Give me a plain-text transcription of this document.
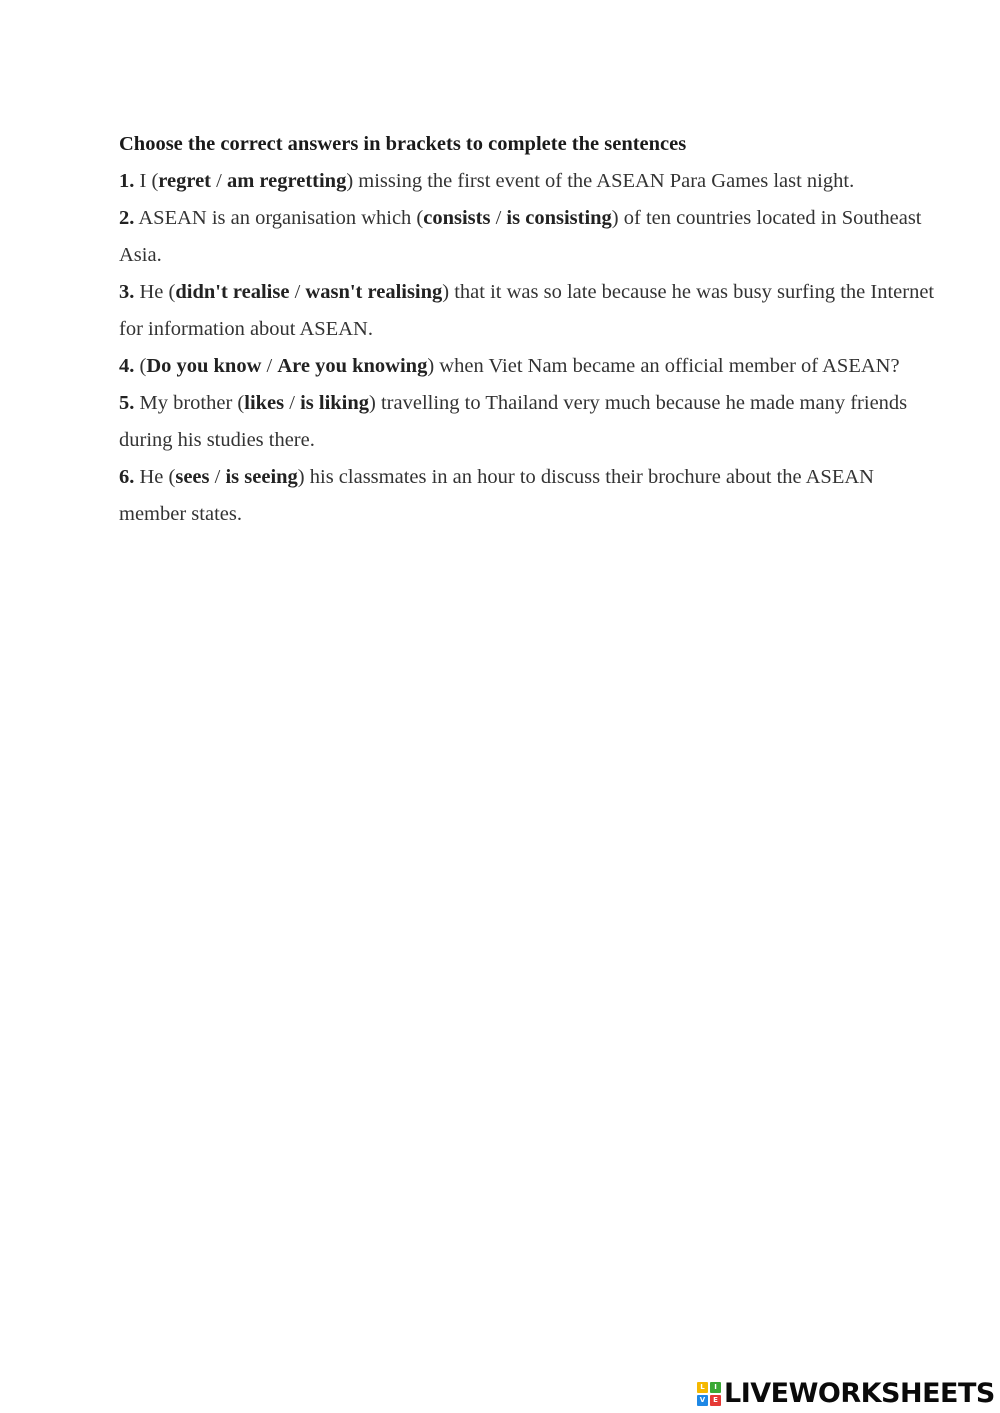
Choose the correct answers in brackets to complete the sentences

1. I (regret / am regretting) missing the first event of the ASEAN Para Games last night.
2. ASEAN is an organisation which (consists / is consisting) of ten countries located in Southeast Asia.
3. He (didn't realise / wasn't realising) that it was so late because he was busy surfing the Internet for information about ASEAN.
4. (Do you know / Are you knowing) when Viet Nam became an official member of ASEAN?
5. My brother (likes / is liking) travelling to Thailand very much because he made many friends during his studies there.
6. He (sees / is seeing) his classmates in an hour to discuss their brochure about the ASEAN member states.
L	I
V	E LIVEWORKSHEETS
